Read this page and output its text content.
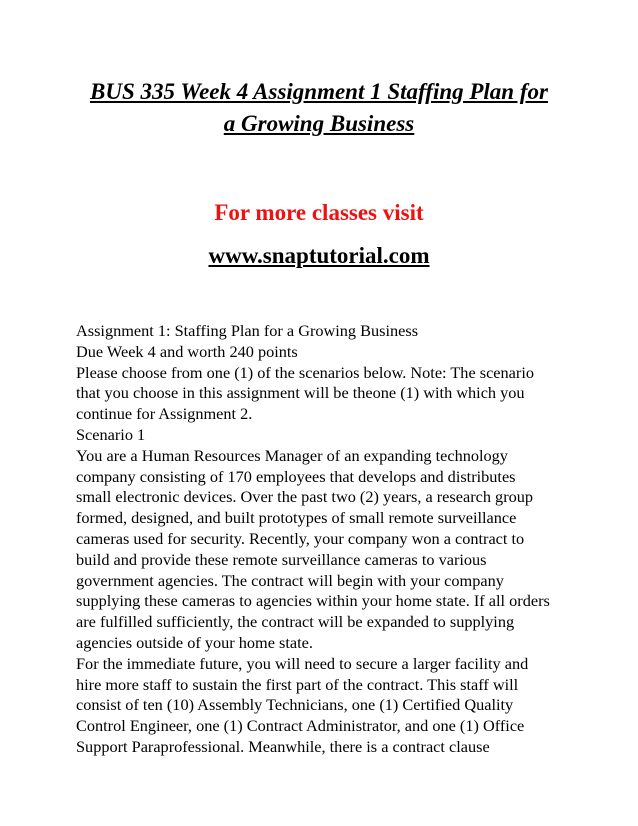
BUS 335 Week 4 Assignment 1 Staffing Plan for
a Growing Business
For more classes visit
www.snaptutorial.com
Assignment 1: Staffing Plan for a Growing Business
Due Week 4 and worth 240 points
Please choose from one (1) of the scenarios below. Note: The scenario
that you choose in this assignment will be theone (1) with which you
continue for Assignment 2.
Scenario 1
You are a Human Resources Manager of an expanding technology
company consisting of 170 employees that develops and distributes
small electronic devices. Over the past two (2) years, a research group
formed, designed, and built prototypes of small remote surveillance
cameras used for security. Recently, your company won a contract to
build and provide these remote surveillance cameras to various
government agencies. The contract will begin with your company
supplying these cameras to agencies within your home state. If all orders
are fulfilled sufficiently, the contract will be expanded to supplying
agencies outside of your home state.
For the immediate future, you will need to secure a larger facility and
hire more staff to sustain the first part of the contract. This staff will
consist of ten (10) Assembly Technicians, one (1) Certified Quality
Control Engineer, one (1) Contract Administrator, and one (1) Office
Support Paraprofessional. Meanwhile, there is a contract clause
